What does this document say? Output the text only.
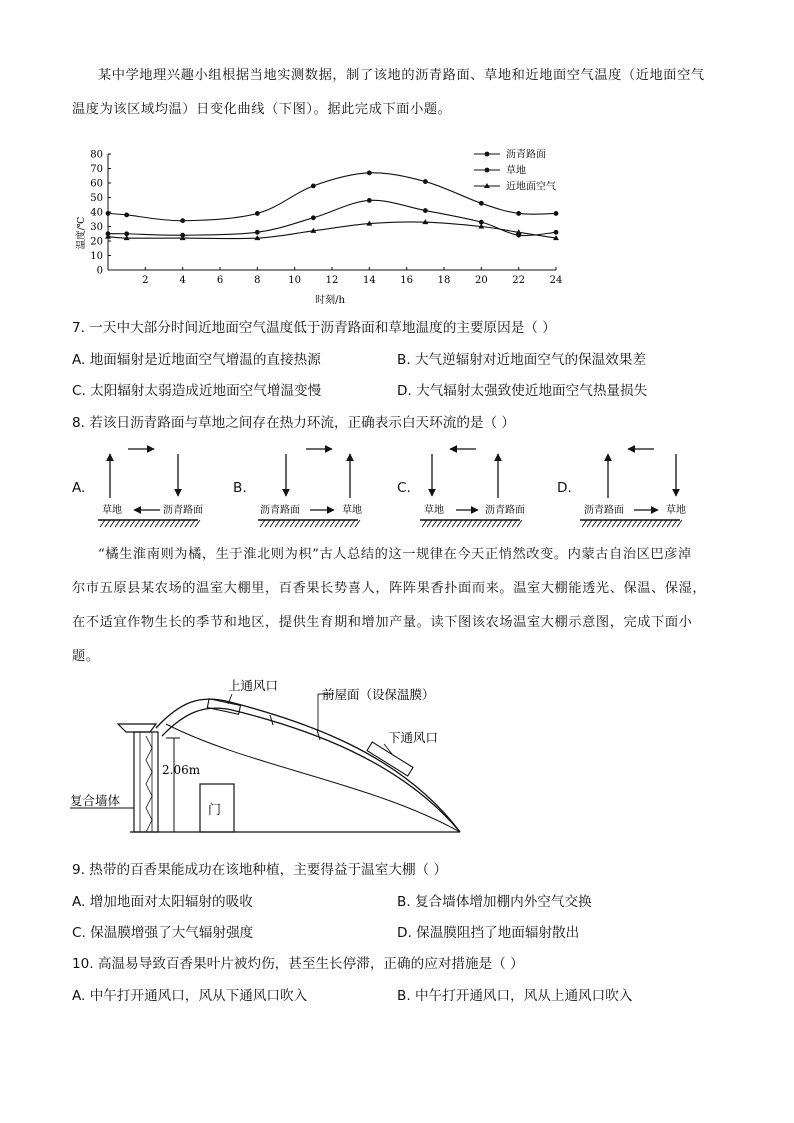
某中学地理兴趣小组根据当地实测数据，制了该地的沥青路面、草地和近地面空气温度（近地面空气
温度为该区域均温）日变化曲线（下图）。据此完成下面小题。
0
10
20
30
40
50
60
70
80
2	4	6	8	10 12 14 16 18 20 22 24
沥青路面
草地
近地面空气
温度/℃
时刻/h
7. 一天中大部分时间近地面空气温度低于沥青路面和草地温度的主要原因是（ ）
A. 地面辐射是近地面空气增温的直接热源	B. 大气逆辐射对近地面空气的保温效果差
C. 太阳辐射太弱造成近地面空气增温变慢	D. 大气辐射太强致使近地面空气热量损失
8. 若该日沥青路面与草地之间存在热力环流，正确表示白天环流的是（ ）
A.
草地	沥青路面
B.
沥青路面	草地
C.
草地	沥青路面
D.
沥青路面	草地
“橘生淮南则为橘，生于淮北则为枳”古人总结的这一规律在今天正悄然改变。内蒙古自治区巴彦淖
尔市五原县某农场的温室大棚里，百香果长势喜人，阵阵果香扑面而来。温室大棚能透光、保温、保湿，
在不适宜作物生长的季节和地区，提供生育期和增加产量。读下图该农场温室大棚示意图，完成下面小
题。
2.06m
门
上通风口
前屋面（设保温膜）
下通风口
复合墙体
9. 热带的百香果能成功在该地种植，主要得益于温室大棚（ ）
A. 增加地面对太阳辐射的吸收	B. 复合墙体增加棚内外空气交换
C. 保温膜增强了大气辐射强度	D. 保温膜阻挡了地面辐射散出
10. 高温易导致百香果叶片被灼伤，甚至生长停滞，正确的应对措施是（ ）
A. 中午打开通风口，风从下通风口吹入	B. 中午打开通风口，风从上通风口吹入
